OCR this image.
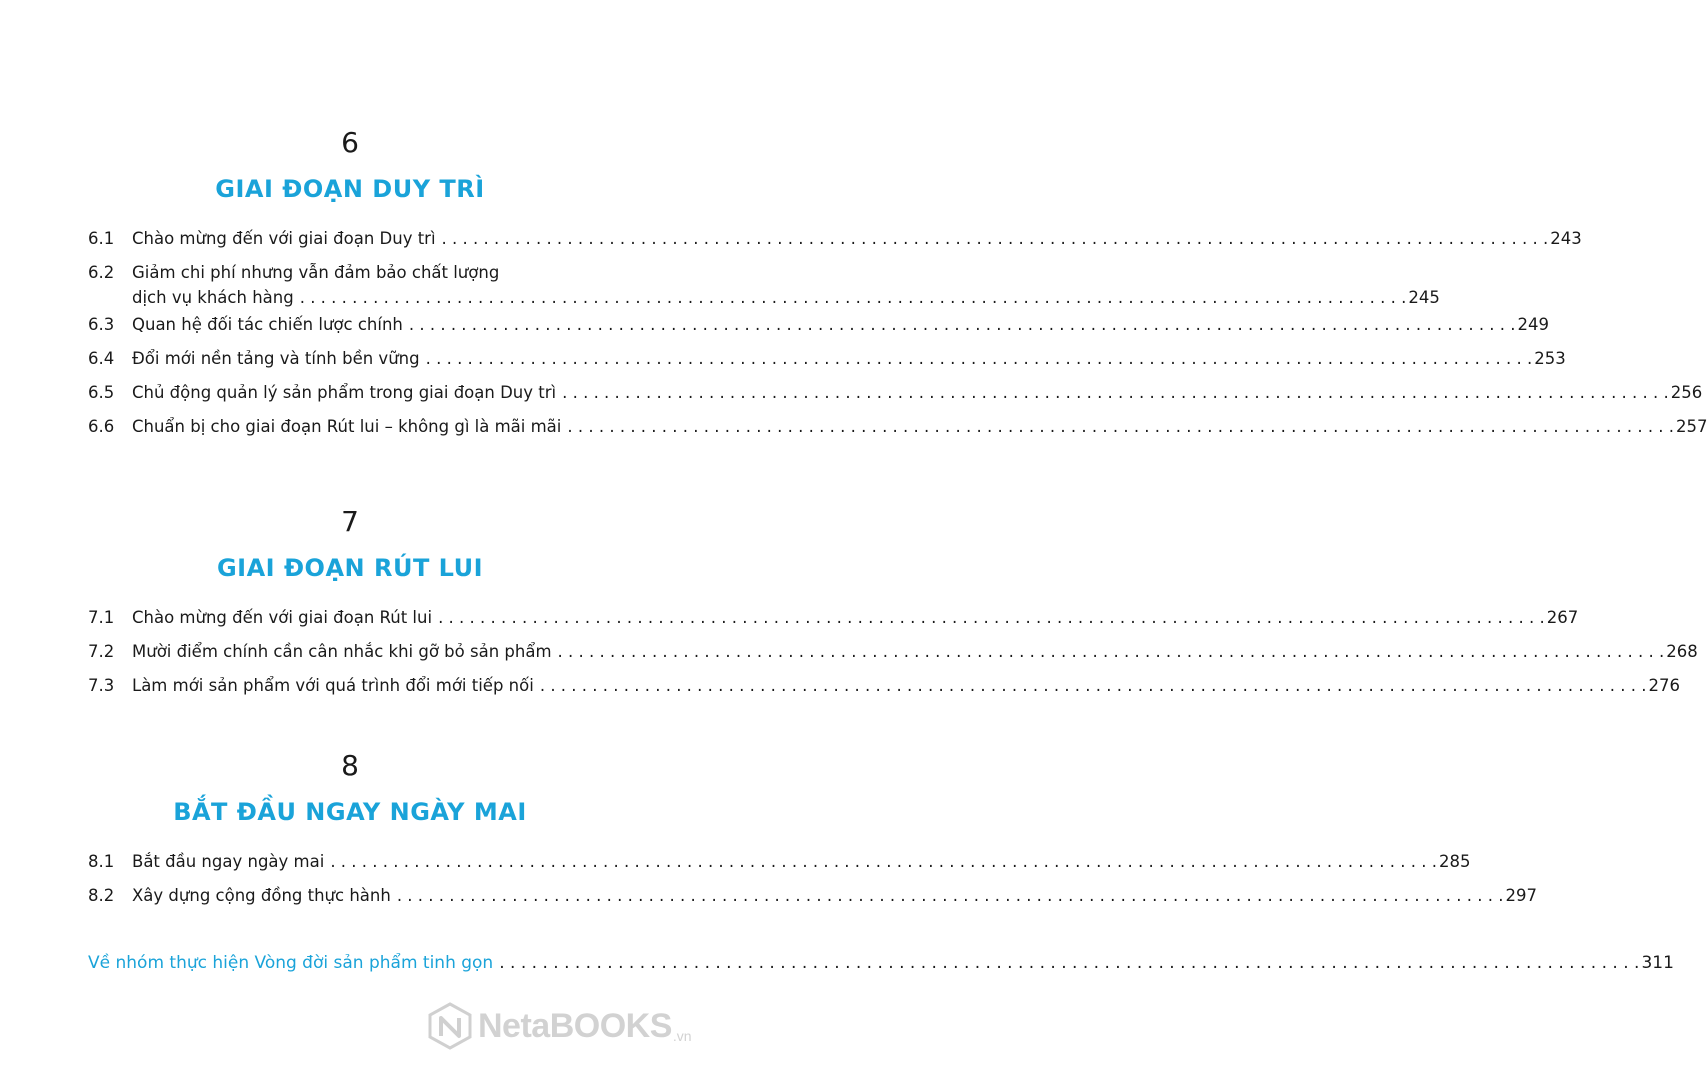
6
GIAI ĐOẠN DUY TRÌ
6.1	Chào mừng đến với giai đoạn Duy trì . . .	243
6.2	Giảm chi phí nhưng vẫn đảm bảo chất lượng
dịch vụ khách hàng . . .	245
6.3	Quan hệ đối tác chiến lược chính . . .	249
6.4	Đổi mới nền tảng và tính bền vững . . .	253
6.5	Chủ động quản lý sản phẩm trong giai đoạn Duy trì . . .	256
6.6	Chuẩn bị cho giai đoạn Rút lui – không gì là mãi mãi . . .	257
7
GIAI ĐOẠN RÚT LUI
7.1	Chào mừng đến với giai đoạn Rút lui . . .	267
7.2	Mười điểm chính cần cân nhắc khi gỡ bỏ sản phẩm . . .	268
7.3	Làm mới sản phẩm với quá trình đổi mới tiếp nối . . .	276
8
BẮT ĐẦU NGAY NGÀY MAI
8.1	Bắt đầu ngay ngày mai . . .	285
8.2	Xây dựng cộng đồng thực hành . . .	297
Về nhóm thực hiện Vòng đời sản phẩm tinh gọn . . .	311
NetaBOOKS .vn
